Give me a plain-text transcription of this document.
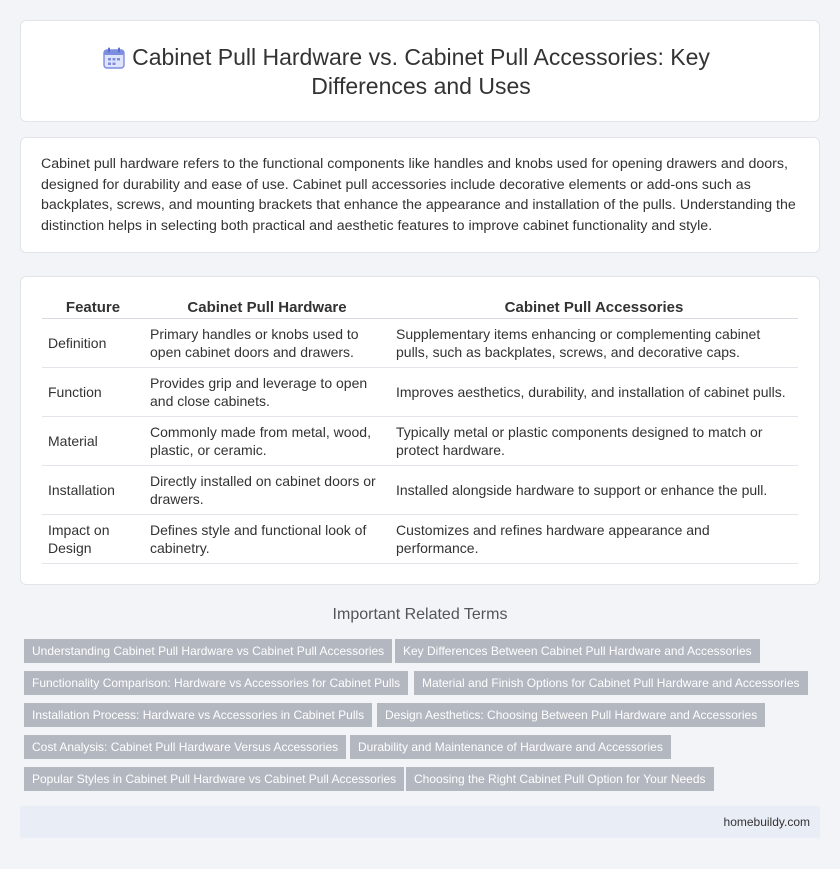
Cabinet Pull Hardware vs. Cabinet Pull Accessories: Key
Differences and Uses

Cabinet pull hardware refers to the functional components like handles and knobs used for opening drawers and doors, designed for durability and ease of use. Cabinet pull accessories include decorative elements or add-ons such as backplates, screws, and mounting brackets that enhance the appearance and installation of the pulls. Understanding the distinction helps in selecting both practical and aesthetic features to improve cabinet functionality and style.

Feature	Cabinet Pull Hardware	Cabinet Pull Accessories
Definition	Primary handles or knobs used to open cabinet doors and drawers.	Supplementary items enhancing or complementing cabinet pulls, such as backplates, screws, and decorative caps.
Function	Provides grip and leverage to open and close cabinets.	Improves aesthetics, durability, and installation of cabinet pulls.
Material	Commonly made from metal, wood, plastic, or ceramic.	Typically metal or plastic components designed to match or protect hardware.
Installation	Directly installed on cabinet doors or drawers.	Installed alongside hardware to support or enhance the pull.
Impact on Design	Defines style and functional look of cabinetry.	Customizes and refines hardware appearance and performance.
Important Related Terms
Understanding Cabinet Pull Hardware vs Cabinet Pull Accessories	Key Differences Between Cabinet Pull Hardware and Accessories
Functionality Comparison: Hardware vs Accessories for Cabinet Pulls	Material and Finish Options for Cabinet Pull Hardware and Accessories
Installation Process: Hardware vs Accessories in Cabinet Pulls	Design Aesthetics: Choosing Between Pull Hardware and Accessories
Cost Analysis: Cabinet Pull Hardware Versus Accessories	Durability and Maintenance of Hardware and Accessories
Popular Styles in Cabinet Pull Hardware vs Cabinet Pull Accessories	Choosing the Right Cabinet Pull Option for Your Needs
homebuildy.com
